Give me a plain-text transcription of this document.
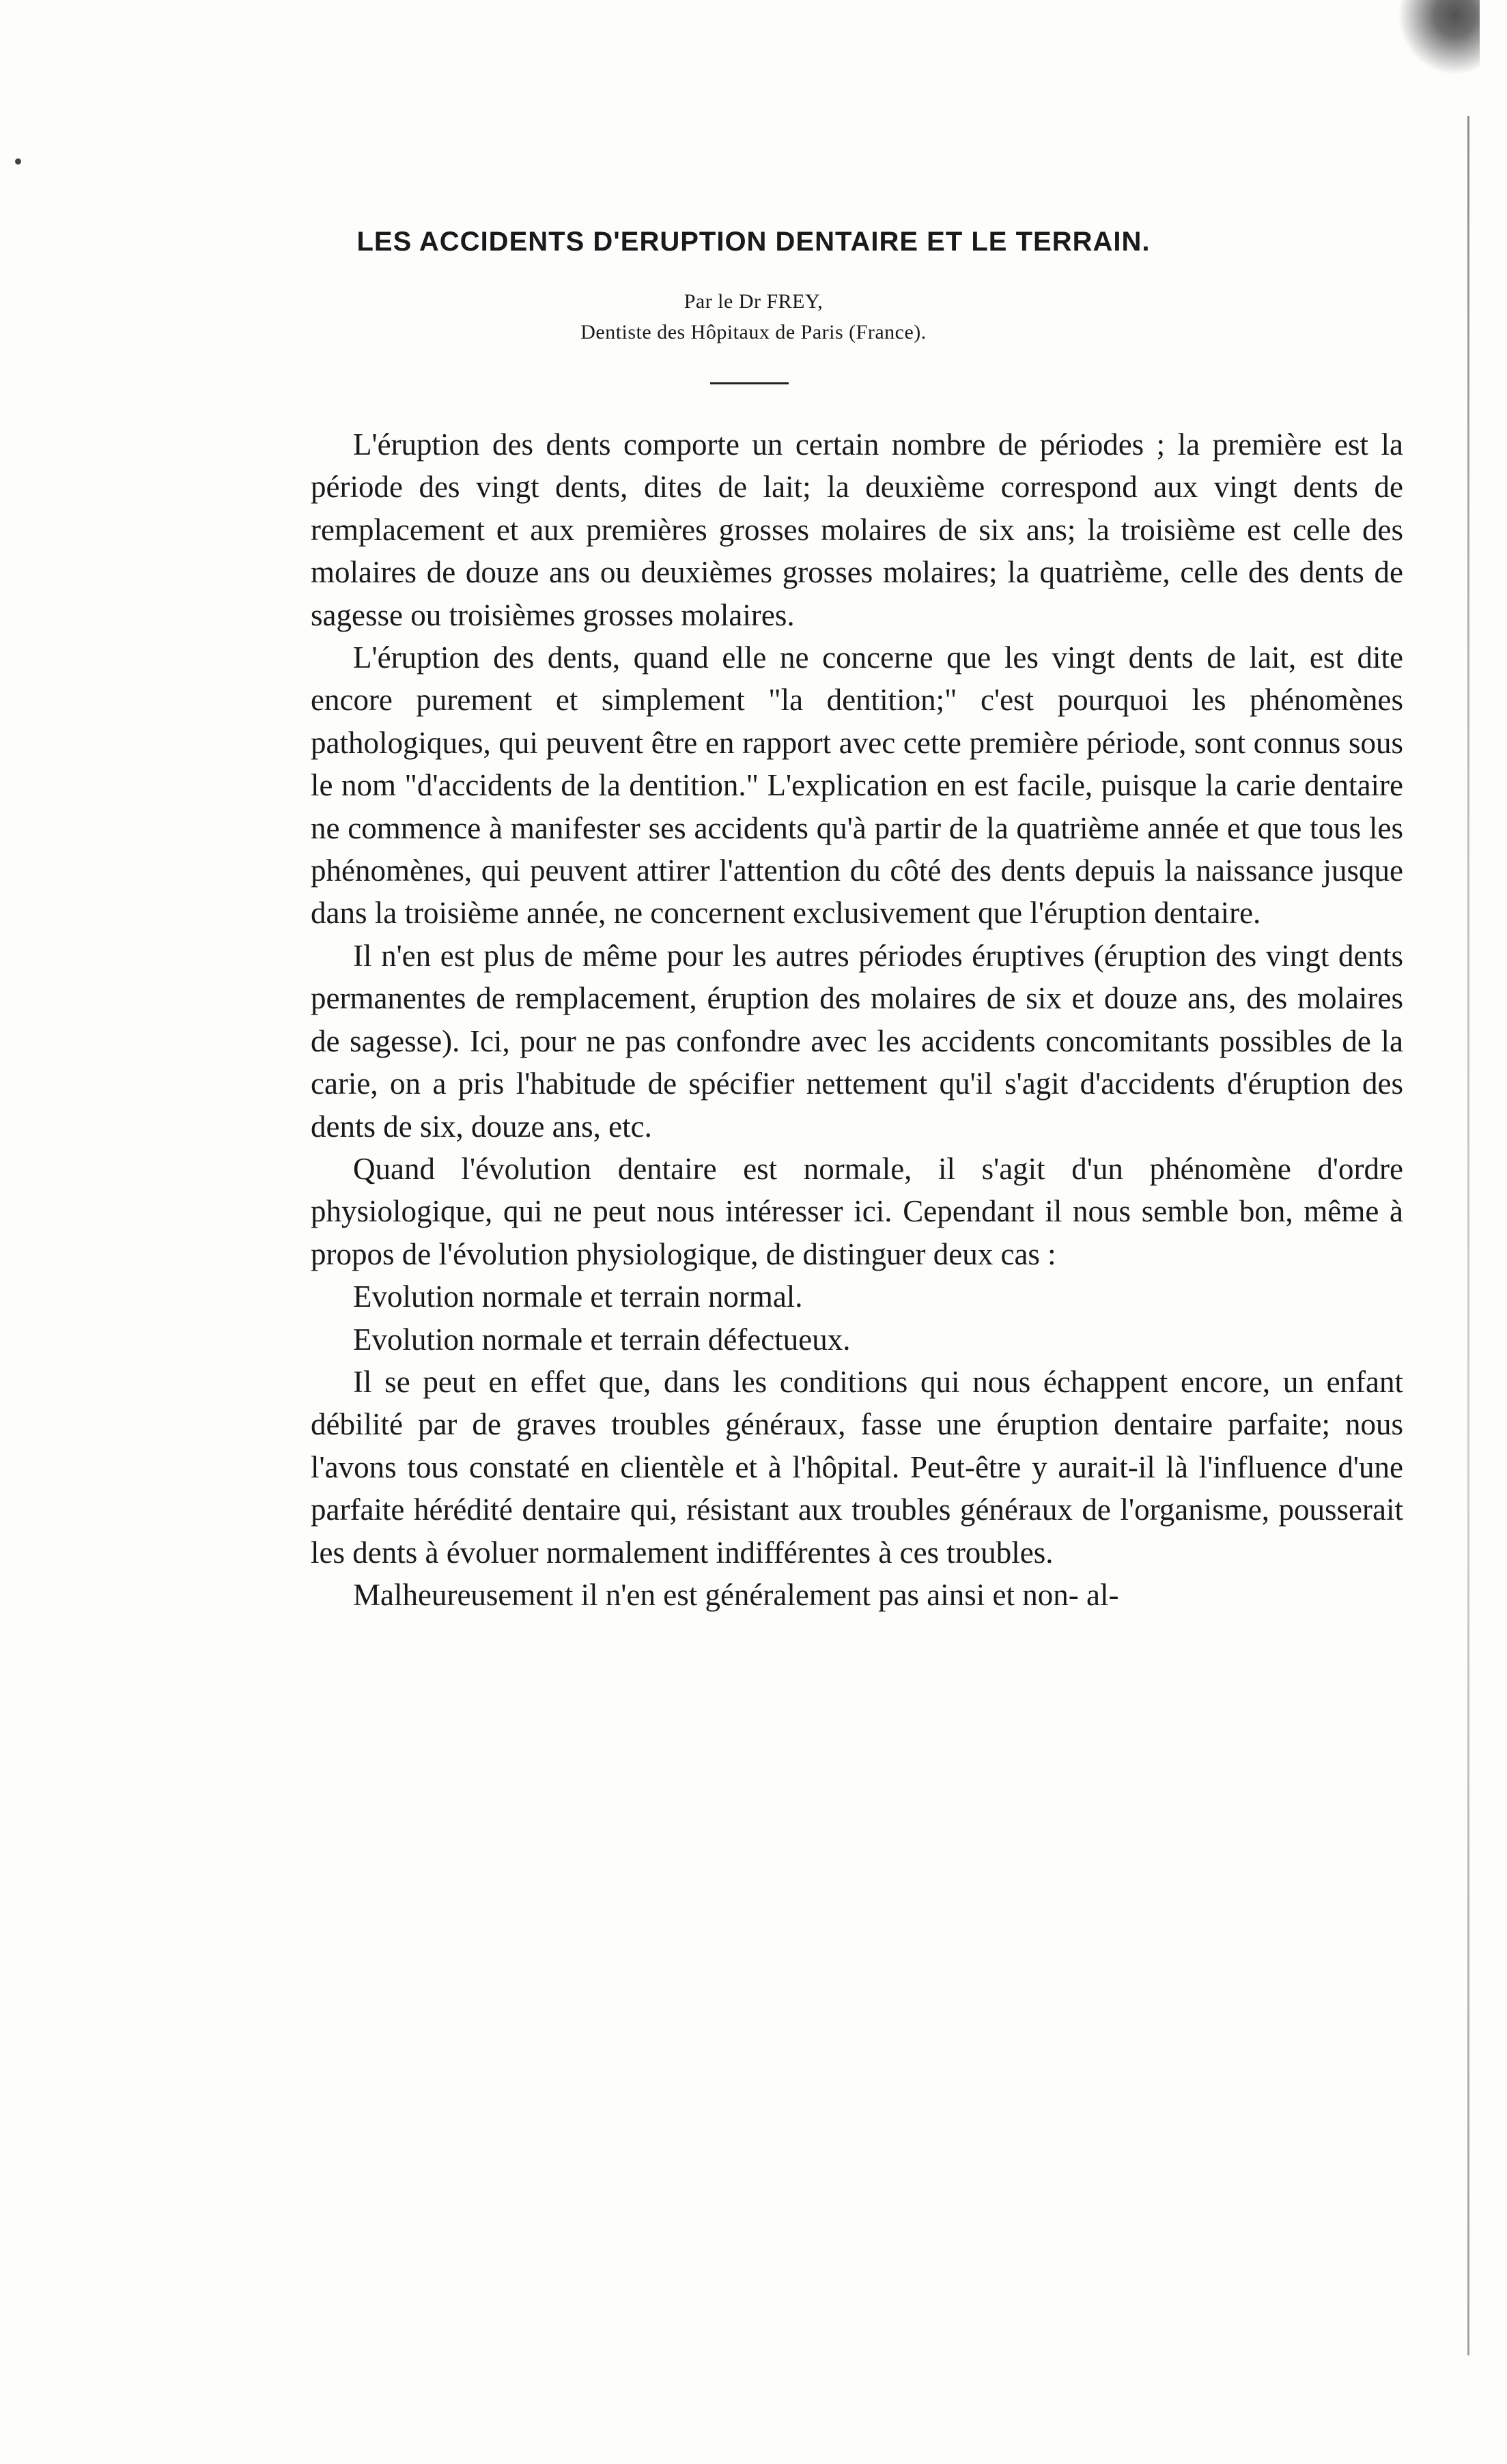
LES ACCIDENTS D'ERUPTION DENTAIRE ET LE TERRAIN.
Par le Dr FREY,
Dentiste des Hôpitaux de Paris (France).

L'éruption des dents comporte un certain nombre de périodes ; la première est la période des vingt dents, dites de lait; la deuxième correspond aux vingt dents de remplacement et aux premières grosses molaires de six ans; la troisième est celle des molaires de douze ans ou deuxièmes grosses molaires; la quatrième, celle des dents de sagesse ou troisièmes grosses molaires.

L'éruption des dents, quand elle ne concerne que les vingt dents de lait, est dite encore purement et simplement "la dentition;" c'est pourquoi les phénomènes pathologiques, qui peuvent être en rapport avec cette première période, sont connus sous le nom "d'accidents de la dentition." L'explication en est facile, puisque la carie dentaire ne commence à manifester ses accidents qu'à partir de la quatrième année et que tous les phénomènes, qui peuvent attirer l'attention du côté des dents depuis la naissance jusque dans la troisième année, ne concernent exclusivement que l'éruption dentaire.

Il n'en est plus de même pour les autres périodes éruptives (éruption des vingt dents permanentes de remplacement, éruption des molaires de six et douze ans, des molaires de sagesse). Ici, pour ne pas confondre avec les accidents concomitants possibles de la carie, on a pris l'habitude de spécifier nettement qu'il s'agit d'accidents d'éruption des dents de six, douze ans, etc.

Quand l'évolution dentaire est normale, il s'agit d'un phénomène d'ordre physiologique, qui ne peut nous intéresser ici. Cependant il nous semble bon, même à propos de l'évolution physiologique, de distinguer deux cas :

Evolution normale et terrain normal.

Evolution normale et terrain défectueux.

Il se peut en effet que, dans les conditions qui nous échappent encore, un enfant débilité par de graves troubles généraux, fasse une éruption dentaire parfaite; nous l'avons tous constaté en clientèle et à l'hôpital. Peut-être y aurait-il là l'influence d'une parfaite hérédité dentaire qui, résistant aux troubles généraux de l'organisme, pousserait les dents à évoluer normalement indifférentes à ces troubles.

Malheureusement il n'en est généralement pas ainsi et non- al-
